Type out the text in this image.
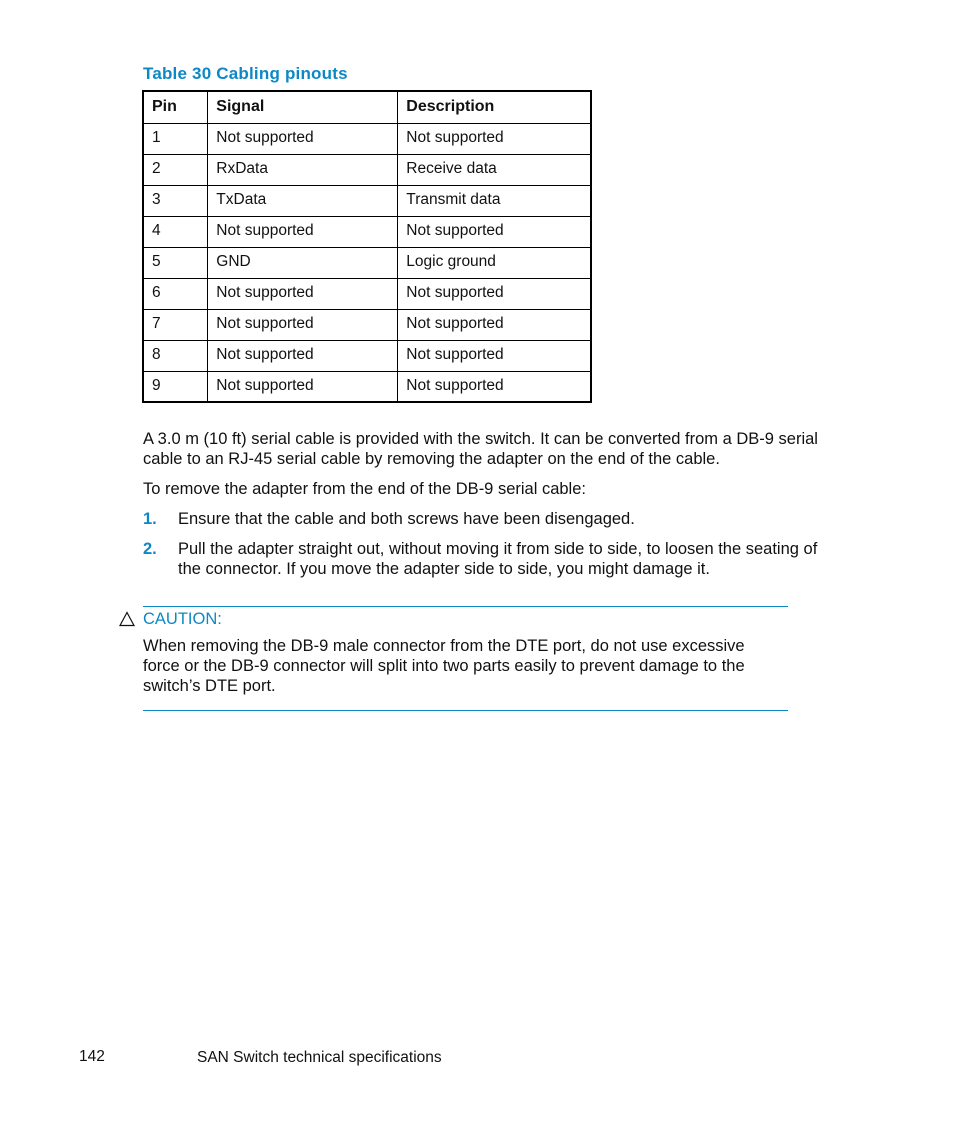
Table 30 Cabling pinouts
Pin	Signal	Description
1	Not supported	Not supported
2	RxData	Receive data
3	TxData	Transmit data
4	Not supported	Not supported
5	GND	Logic ground
6	Not supported	Not supported
7	Not supported	Not supported
8	Not supported	Not supported
9	Not supported	Not supported

A 3.0 m (10 ft) serial cable is provided with the switch. It can be converted from a DB-9 serial cable to an RJ-45 serial cable by removing the adapter on the end of the cable.

To remove the adapter from the end of the DB-9 serial cable:

1. Ensure that the cable and both screws have been disengaged.
2. Pull the adapter straight out, without moving it from side to side, to loosen the seating of the connector. If you move the adapter side to side, you might damage it.
CAUTION:
When removing the DB-9 male connector from the DTE port, do not use excessive force or the DB-9 connector will split into two parts easily to prevent damage to the switch’s DTE port.
142	SAN Switch technical specifications
